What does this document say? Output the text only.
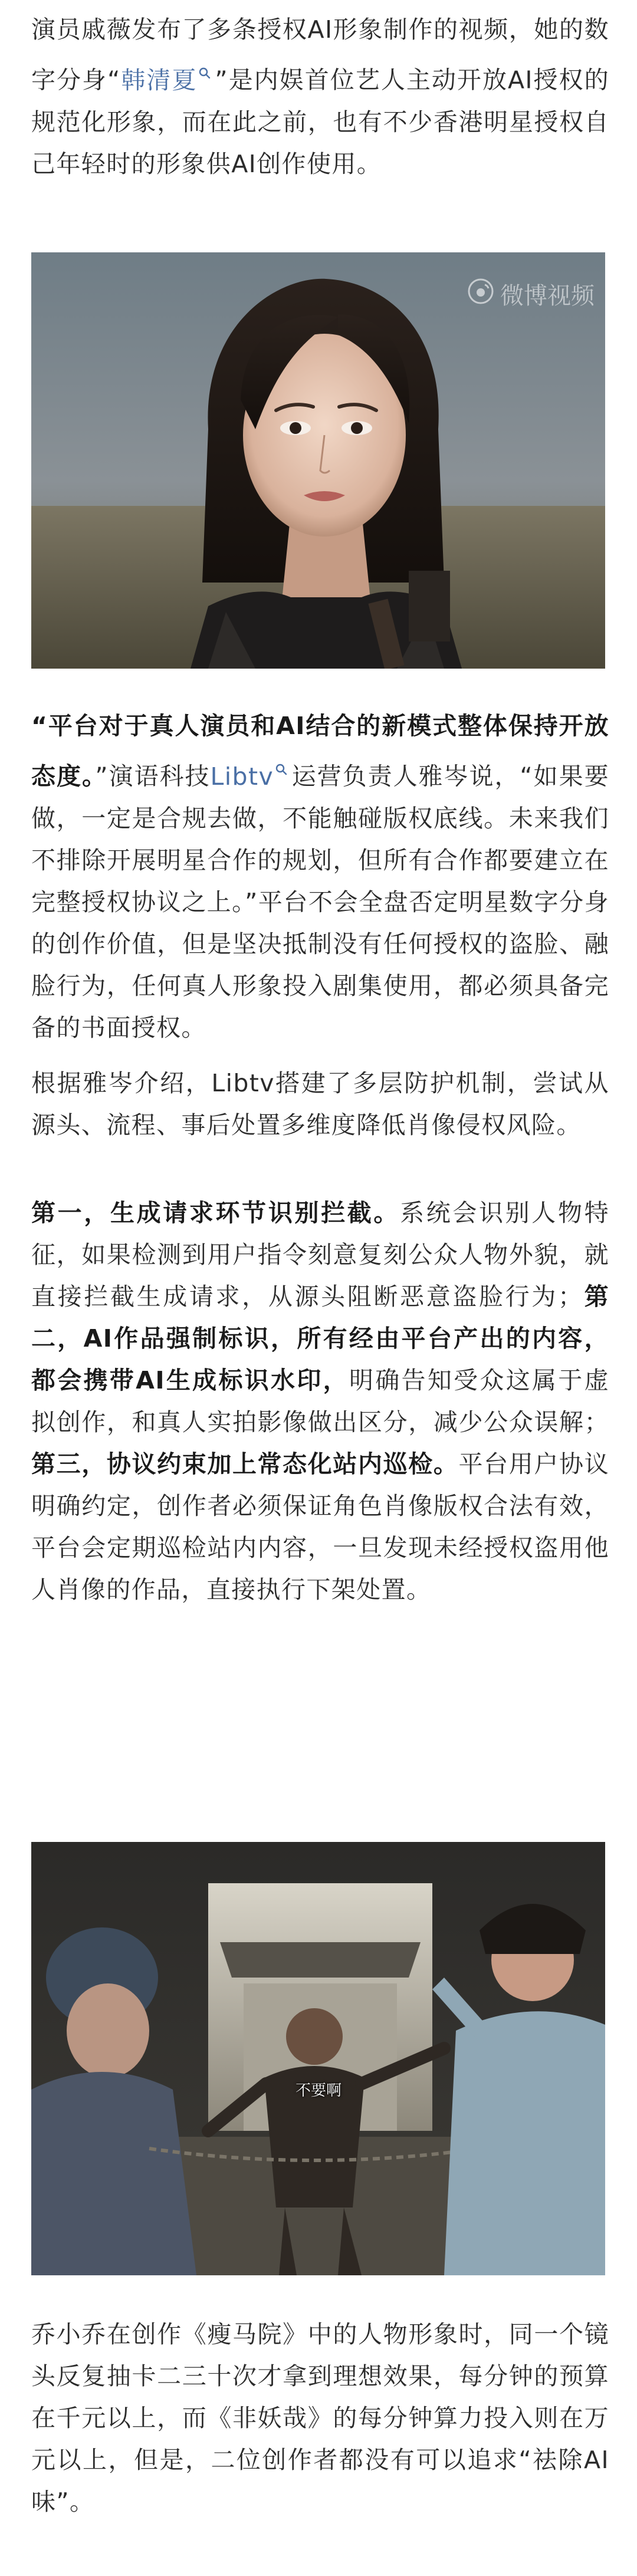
演员戚薇发布了多条授权AI形象制作的视频，她的数字分身“韩清夏 ”是内娱首位艺人主动开放AI授权的规范化形象，而在此之前，也有不少香港明星授权自己年轻时的形象供AI创作使用。

微博视频

“平台对于真人演员和AI结合的新模式整体保持开放态度。”演语科技Libtv 运营负责人雅岑说，“如果要做，一定是合规去做，不能触碰版权底线。未来我们不排除开展明星合作的规划，但所有合作都要建立在完整授权协议之上。”平台不会全盘否定明星数字分身的创作价值，但是坚决抵制没有任何授权的盗脸、融脸行为，任何真人形象投入剧集使用，都必须具备完备的书面授权。

根据雅岑介绍，Libtv搭建了多层防护机制，尝试从源头、流程、事后处置多维度降低肖像侵权风险。

第一，生成请求环节识别拦截。系统会识别人物特征，如果检测到用户指令刻意复刻公众人物外貌，就直接拦截生成请求，从源头阻断恶意盗脸行为；第二，AI作品强制标识，所有经由平台产出的内容，都会携带AI生成标识水印，明确告知受众这属于虚拟创作，和真人实拍影像做出区分，减少公众误解；第三，协议约束加上常态化站内巡检。平台用户协议明确约定，创作者必须保证角色肖像版权合法有效，平台会定期巡检站内内容，一旦发现未经授权盗用他人肖像的作品，直接执行下架处置。

不要啊

乔小乔在创作《瘦马院》中的人物形象时，同一个镜头反复抽卡二三十次才拿到理想效果，每分钟的预算在千元以上，而《非妖哉》的每分钟算力投入则在万元以上，但是，二位创作者都没有可以追求“祛除AI味”。
